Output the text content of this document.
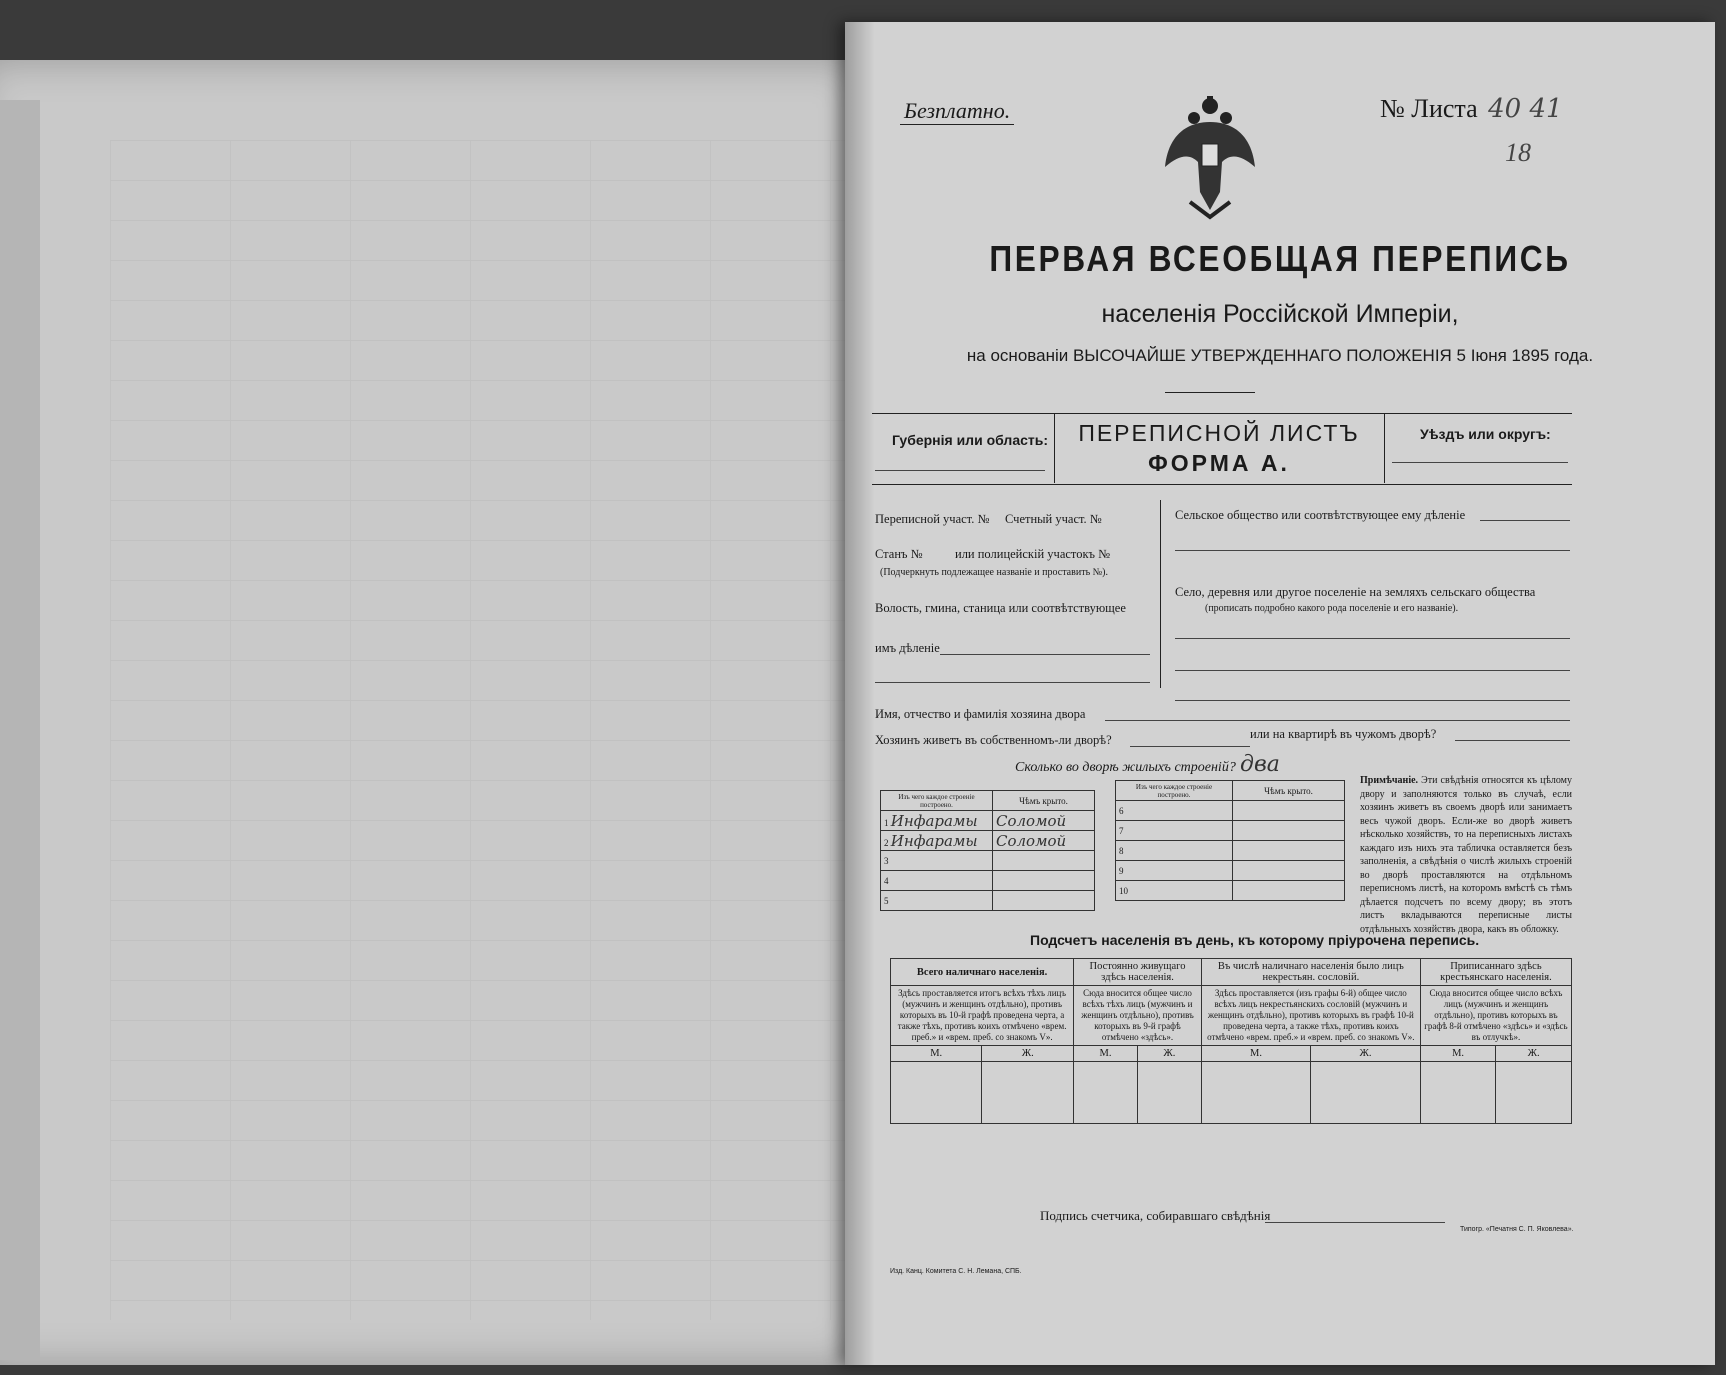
Безплатно.	№ Листа 40 41
18
ПЕРВАЯ ВСЕОБЩАЯ ПЕРЕПИСЬ
населенія Россійской Имперіи,
на основаніи ВЫСОЧАЙШЕ УТВЕРЖДЕННАГО ПОЛОЖЕНІЯ 5 Іюня 1895 года.
Губернія или область:	ПЕРЕПИСНОЙ ЛИСТЪ
ФОРМА А.
Уѣздъ или округъ:
Переписной участ. № Счетный участ. №
Станъ №	или полицейскій участокъ №
(Подчеркнуть подлежащее названіе и проставить №).
Волость, гмина, станица или соотвѣтствующее
имъ дѣленіе
Сельское общество или соотвѣтствующее ему дѣленіе
Село, деревня или другое поселеніе на земляхъ сельскаго общества
(прописать подробно какого рода поселеніе и его названіе).
Имя, отчество и фамилія хозяина двора
Хозяинъ живетъ въ собственномъ-ли дворѣ?	или на квартирѣ въ чужомъ дворѣ?
Сколько во дворѣ жилыхъ строеній? два
Изъ чего каждое строеніе построено.	Чѣмъ крыто.
1 Инфарамы	Соломой
2 Инфарамы	Соломой
3	
4	
5	
Изъ чего каждое строеніе построено.	Чѣмъ крыто.
6	
7	
8	
9	
10	
Примѣчаніе. Эти свѣдѣнія относятся къ цѣлому двору и заполняются только въ случаѣ, если хозяинъ живетъ въ своемъ дворѣ или занимаетъ весь чужой дворъ. Если-же во дворѣ живетъ нѣсколько хозяйствъ, то на переписныхъ листахъ каждаго изъ нихъ эта табличка оставляется безъ заполненія, а свѣдѣнія о числѣ жилыхъ строеній во дворѣ проставляются на отдѣльномъ переписномъ листѣ, на которомъ вмѣстѣ съ тѣмъ дѣлается подсчетъ по всему двору; въ этотъ листъ вкладываются переписные листы отдѣльныхъ хозяйствъ двора, какъ въ обложку.
Подсчетъ населенія въ день, къ которому пріурочена перепись.
Всего наличнаго населенія.		Постоянно живущаго здѣсь населенія.		Въ числѣ наличнаго населенія было лицъ некрестьян. сословій.		Приписаннаго здѣсь крестьянскаго населенія.	
Здѣсь проставляется итогъ всѣхъ тѣхъ лицъ (мужчинъ и женщинъ отдѣльно), противъ которыхъ въ 10-й графѣ проведена черта, а также тѣхъ, противъ коихъ отмѣчено «врем. преб.» и «врем. преб. со знакомъ V».		Сюда вносится общее число всѣхъ тѣхъ лицъ (мужчинъ и женщинъ отдѣльно), противъ которыхъ въ 9-й графѣ отмѣчено «здѣсь».		Здѣсь проставляется (изъ графы 6-й) общее число всѣхъ лицъ некрестьянскихъ сословій (мужчинъ и женщинъ отдѣльно), противъ которыхъ въ графѣ 10-й проведена черта, а также тѣхъ, противъ коихъ отмѣчено «врем. преб.» и «врем. преб. со знакомъ V».		Сюда вносится общее число всѣхъ лицъ (мужчинъ и женщинъ отдѣльно), противъ которыхъ въ графѣ 8-й отмѣчено «здѣсь» и «здѣсь въ отлучкѣ».	
М.	Ж.	М.	Ж.	М.	Ж.	М.	Ж.

Подпись счетчика, собиравшаго свѣдѣнія
Изд. Канц. Комитета С. Н. Лемана, СПБ.
Типогр. «Печатня С. П. Яковлева».
